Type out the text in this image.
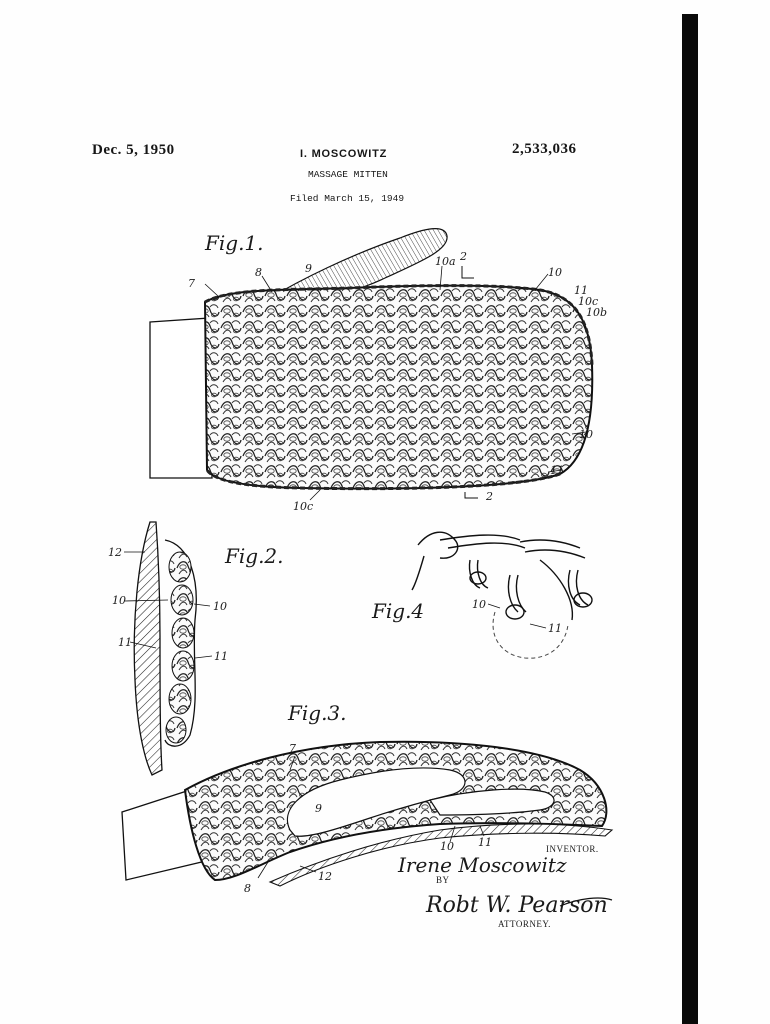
Dec. 5, 1950	I. MOSCOWITZ
MASSAGE MITTEN
Filed March 15, 1949
2,533,036
Fig.1.
9
8
7
10a 2
10
11
10c
10b
10
11
10c
2
Fig.2.
12
10	10
11
11
Fig.4	10
11
Fig.3.
7
9
8
12
10 11	INVENTOR.
Irene Moscowitz
BY
Robt W. Pearson
ATTORNEY.
